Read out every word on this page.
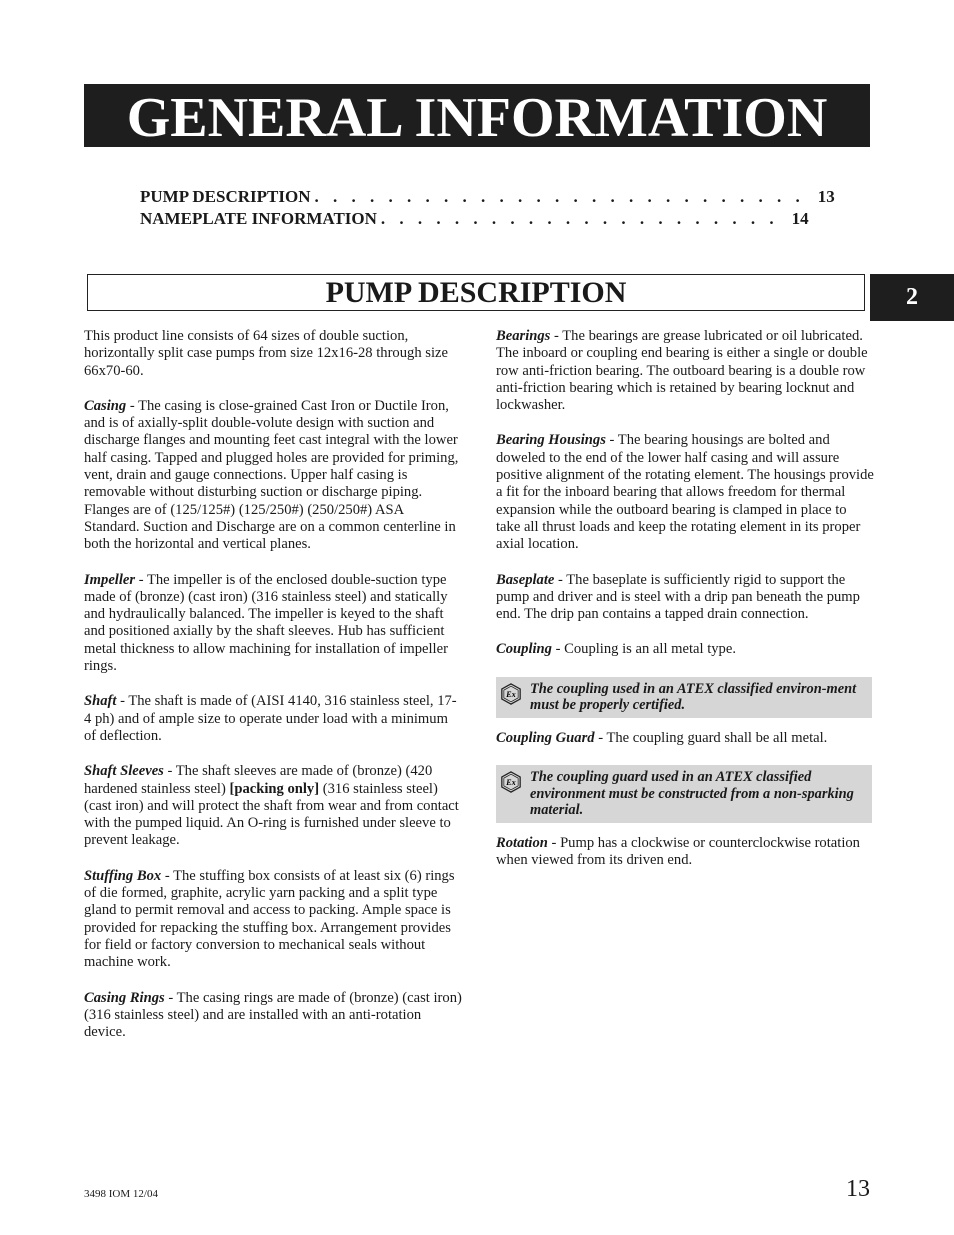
GENERAL INFORMATION
PUMP DESCRIPTION . . . . . . . . . . . . . . . . . . . . . . . . . . . 13
NAMEPLATE INFORMATION . . . . . . . . . . . . . . . . . . . . . . 14
PUMP DESCRIPTION	2

This product line consists of 64 sizes of double suction, horizontally split case pumps from size 12x16-28 through size 66x70-60.

Casing - The casing is close-grained Cast Iron or Ductile Iron, and is of axially-split double-volute design with suction and discharge flanges and mounting feet cast integral with the lower half casing. Tapped and plugged holes are provided for priming, vent, drain and gauge connections. Upper half casing is removable without disturbing suction or discharge piping. Flanges are of (125/125#) (125/250#) (250/250#) ASA Standard. Suction and Discharge are on a common centerline in both the horizontal and vertical planes.

Impeller - The impeller is of the enclosed double-suction type made of (bronze) (cast iron) (316 stainless steel) and statically and hydraulically balanced. The impeller is keyed to the shaft and positioned axially by the shaft sleeves. Hub has sufficient metal thickness to allow machining for installation of impeller rings.

Shaft - The shaft is made of (AISI 4140, 316 stainless steel, 17-4 ph) and of ample size to operate under load with a minimum of deflection.

Shaft Sleeves - The shaft sleeves are made of (bronze) (420 hardened stainless steel) [packing only] (316 stainless steel)(cast iron) and will protect the shaft from wear and from contact with the pumped liquid. An O-ring is furnished under sleeve to prevent leakage.

Stuffing Box - The stuffing box consists of at least six (6) rings of die formed, graphite, acrylic yarn packing and a split type gland to permit removal and access to packing. Ample space is provided for repacking the stuffing box. Arrangement provides for field or factory conversion to mechanical seals without machine work.

Casing Rings - The casing rings are made of (bronze) (cast iron) (316 stainless steel) and are installed with an anti-rotation device.

Bearings - The bearings are grease lubricated or oil lubricated. The inboard or coupling end bearing is either a single or double row anti-friction bearing. The outboard bearing is a double row anti-friction bearing which is retained by bearing locknut and lockwasher.

Bearing Housings - The bearing housings are bolted and doweled to the end of the lower half casing and will assure positive alignment of the rotating element. The housings provide a fit for the inboard bearing that allows freedom for thermal expansion while the outboard bearing is clamped in place to take all thrust loads and keep the rotating element in its proper axial location.

Baseplate - The baseplate is sufficiently rigid to support the pump and driver and is steel with a drip pan beneath the pump end. The drip pan contains a tapped drain connection.

Coupling - Coupling is an all metal type.

Ex The coupling used in an ATEX classified environ-ment must be properly certified.

Coupling Guard - The coupling guard shall be all metal.

Ex The coupling guard used in an ATEX classified environment must be constructed from a non-sparking material.

Rotation - Pump has a clockwise or counterclockwise rotation when viewed from its driven end.

3498 IOM 12/04	13
